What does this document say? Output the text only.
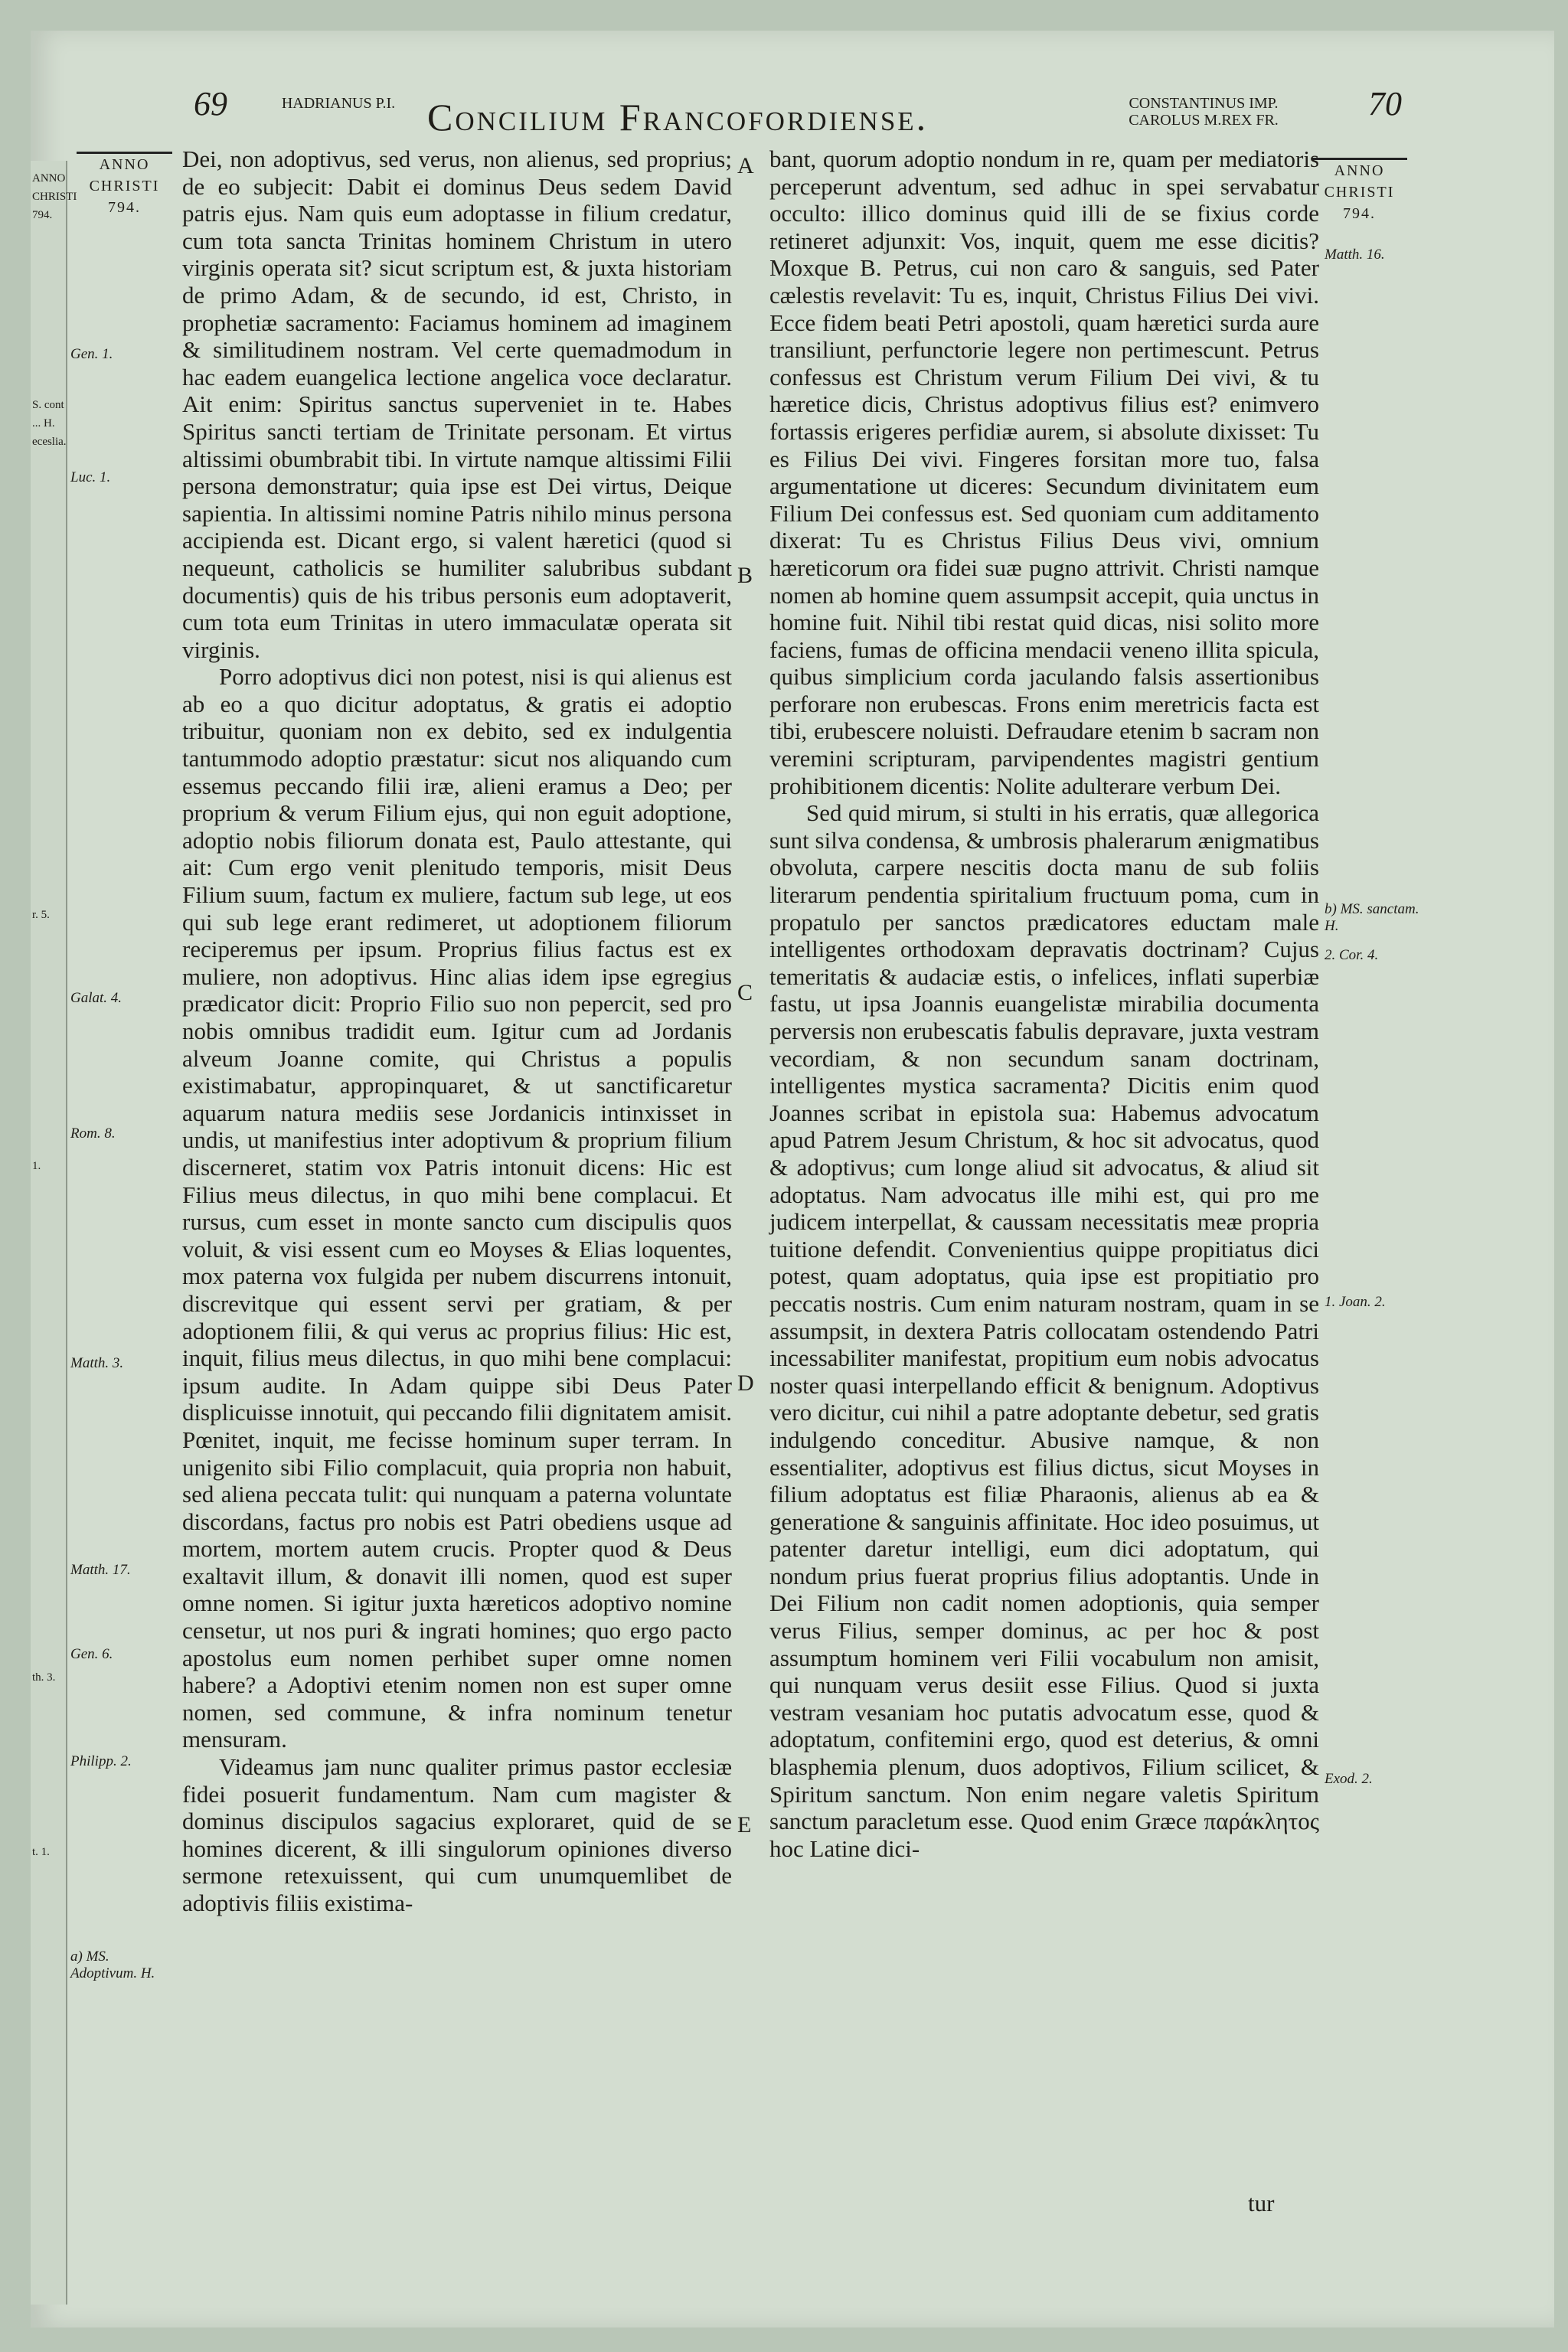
ANNO
CHRISTI
794.
S. cont
... H.
eceslia.
r. 5.
1.
th. 3.
t. 1.
69	HADRIANUS P.I. Concilium Francofordiense.	CONSTANTINUS IMP.
CAROLUS M.REX FR.	70
ANNO
CHRISTI
794.
ANNO
CHRISTI
794.
Gen. 1.
Luc. 1.
Galat. 4.
Rom. 8.
Matth. 3.
Matth. 17.
Gen. 6.
Philipp. 2.
a) MS. Adoptivum. H.
Matth. 16.
b) MS. sanctam. H.
2. Cor. 4.
1. Joan. 2.
Exod. 2.
A
B
C
D
E

Dei, non adoptivus, sed verus, non alienus, sed proprius; de eo subjecit: Dabit ei dominus Deus sedem David patris ejus. Nam quis eum adoptasse in filium credatur, cum tota sancta Trinitas hominem Christum in utero virginis operata sit? sicut scriptum est, & juxta historiam de primo Adam, & de secundo, id est, Christo, in prophetiæ sacramento: Faciamus hominem ad imaginem & similitudinem nostram. Vel certe quemadmodum in hac eadem euangelica lectione angelica voce declaratur. Ait enim: Spiritus sanctus superveniet in te. Habes Spiritus sancti tertiam de Trinitate personam. Et virtus altissimi obumbrabit tibi. In virtute namque altissimi Filii persona demonstratur; quia ipse est Dei virtus, Deique sapientia. In altissimi nomine Patris nihilo minus persona accipienda est. Dicant ergo, si valent hæretici (quod si nequeunt, catholicis se humiliter salubribus subdant documentis) quis de his tribus personis eum adoptaverit, cum tota eum Trinitas in utero immaculatæ operata sit virginis.

Porro adoptivus dici non potest, nisi is qui alienus est ab eo a quo dicitur adoptatus, & gratis ei adoptio tribuitur, quoniam non ex debito, sed ex indulgentia tantummodo adoptio præstatur: sicut nos aliquando cum essemus peccando filii iræ, alieni eramus a Deo; per proprium & verum Filium ejus, qui non eguit adoptione, adoptio nobis filiorum donata est, Paulo attestante, qui ait: Cum ergo venit plenitudo temporis, misit Deus Filium suum, factum ex muliere, factum sub lege, ut eos qui sub lege erant redimeret, ut adoptionem filiorum reciperemus per ipsum. Proprius filius factus est ex muliere, non adoptivus. Hinc alias idem ipse egregius prædicator dicit: Proprio Filio suo non pepercit, sed pro nobis omnibus tradidit eum. Igitur cum ad Jordanis alveum Joanne comite, qui Christus a populis existimabatur, appropinquaret, & ut sanctificaretur aquarum natura mediis sese Jordanicis intinxisset in undis, ut manifestius inter adoptivum & proprium filium discerneret, statim vox Patris intonuit dicens: Hic est Filius meus dilectus, in quo mihi bene complacui. Et rursus, cum esset in monte sancto cum discipulis quos voluit, & visi essent cum eo Moyses & Elias loquentes, mox paterna vox fulgida per nubem discurrens intonuit, discrevitque qui essent servi per gratiam, & per adoptionem filii, & qui verus ac proprius filius: Hic est, inquit, filius meus dilectus, in quo mihi bene complacui: ipsum audite. In Adam quippe sibi Deus Pater displicuisse innotuit, qui peccando filii dignitatem amisit. Pœnitet, inquit, me fecisse hominum super terram. In unigenito sibi Filio complacuit, quia propria non habuit, sed aliena peccata tulit: qui nunquam a paterna voluntate discordans, factus pro nobis est Patri obediens usque ad mortem, mortem autem crucis. Propter quod & Deus exaltavit illum, & donavit illi nomen, quod est super omne nomen. Si igitur juxta hæreticos adoptivo nomine censetur, ut nos puri & ingrati homines; quo ergo pacto apostolus eum nomen perhibet super omne nomen habere? a Adoptivi etenim nomen non est super omne nomen, sed commune, & infra nominum tenetur mensuram.

Videamus jam nunc qualiter primus pastor ecclesiæ fidei posuerit fundamentum. Nam cum magister & dominus discipulos sagacius exploraret, quid de se homines dicerent, & illi singulorum opiniones diverso sermone retexuissent, qui cum unumquemlibet de adoptivis filiis existima-

bant, quorum adoptio nondum in re, quam per mediatoris perceperunt adventum, sed adhuc in spei servabatur occulto: illico dominus quid illi de se fixius corde retineret adjunxit: Vos, inquit, quem me esse dicitis? Moxque B. Petrus, cui non caro & sanguis, sed Pater cælestis revelavit: Tu es, inquit, Christus Filius Dei vivi. Ecce fidem beati Petri apostoli, quam hæretici surda aure transiliunt, perfunctorie legere non pertimescunt. Petrus confessus est Christum verum Filium Dei vivi, & tu hæretice dicis, Christus adoptivus filius est? enimvero fortassis erigeres perfidiæ aurem, si absolute dixisset: Tu es Filius Dei vivi. Fingeres forsitan more tuo, falsa argumentatione ut diceres: Secundum divinitatem eum Filium Dei confessus est. Sed quoniam cum additamento dixerat: Tu es Christus Filius Deus vivi, omnium hæreticorum ora fidei suæ pugno attrivit. Christi namque nomen ab homine quem assumpsit accepit, quia unctus in homine fuit. Nihil tibi restat quid dicas, nisi solito more faciens, fumas de officina mendacii veneno illita spicula, quibus simplicium corda jaculando falsis assertionibus perforare non erubescas. Frons enim meretricis facta est tibi, erubescere noluisti. Defraudare etenim b sacram non veremini scripturam, parvipendentes magistri gentium prohibitionem dicentis: Nolite adulterare verbum Dei.

Sed quid mirum, si stulti in his erratis, quæ allegorica sunt silva condensa, & umbrosis phalerarum ænigmatibus obvoluta, carpere nescitis docta manu de sub foliis literarum pendentia spiritalium fructuum poma, cum in propatulo per sanctos prædicatores eductam male intelligentes orthodoxam depravatis doctrinam? Cujus temeritatis & audaciæ estis, o infelices, inflati superbiæ fastu, ut ipsa Joannis euangelistæ mirabilia documenta perversis non erubescatis fabulis depravare, juxta vestram vecordiam, & non secundum sanam doctrinam, intelligentes mystica sacramenta? Dicitis enim quod Joannes scribat in epistola sua: Habemus advocatum apud Patrem Jesum Christum, & hoc sit advocatus, quod & adoptivus; cum longe aliud sit advocatus, & aliud sit adoptatus. Nam advocatus ille mihi est, qui pro me judicem interpellat, & caussam necessitatis meæ propria tuitione defendit. Convenientius quippe propitiatus dici potest, quam adoptatus, quia ipse est propitiatio pro peccatis nostris. Cum enim naturam nostram, quam in se assumpsit, in dextera Patris collocatam ostendendo Patri incessabiliter manifestat, propitium eum nobis advocatus noster quasi interpellando efficit & benignum. Adoptivus vero dicitur, cui nihil a patre adoptante debetur, sed gratis indulgendo conceditur. Abusive namque, & non essentialiter, adoptivus est filius dictus, sicut Moyses in filium adoptatus est filiæ Pharaonis, alienus ab ea & generatione & sanguinis affinitate. Hoc ideo posuimus, ut patenter daretur intelligi, eum dici adoptatum, qui nondum prius fuerat proprius filius adoptantis. Unde in Dei Filium non cadit nomen adoptionis, quia semper verus Filius, semper dominus, ac per hoc & post assumptum hominem veri Filii vocabulum non amisit, qui nunquam verus desiit esse Filius. Quod si juxta vestram vesaniam hoc putatis advocatum esse, quod & adoptatum, confitemini ergo, quod est deterius, & omni blasphemia plenum, duos adoptivos, Filium scilicet, & Spiritum sanctum. Non enim negare valetis Spiritum sanctum paracletum esse. Quod enim Græce παράκλητος hoc Latine dici-

tur
